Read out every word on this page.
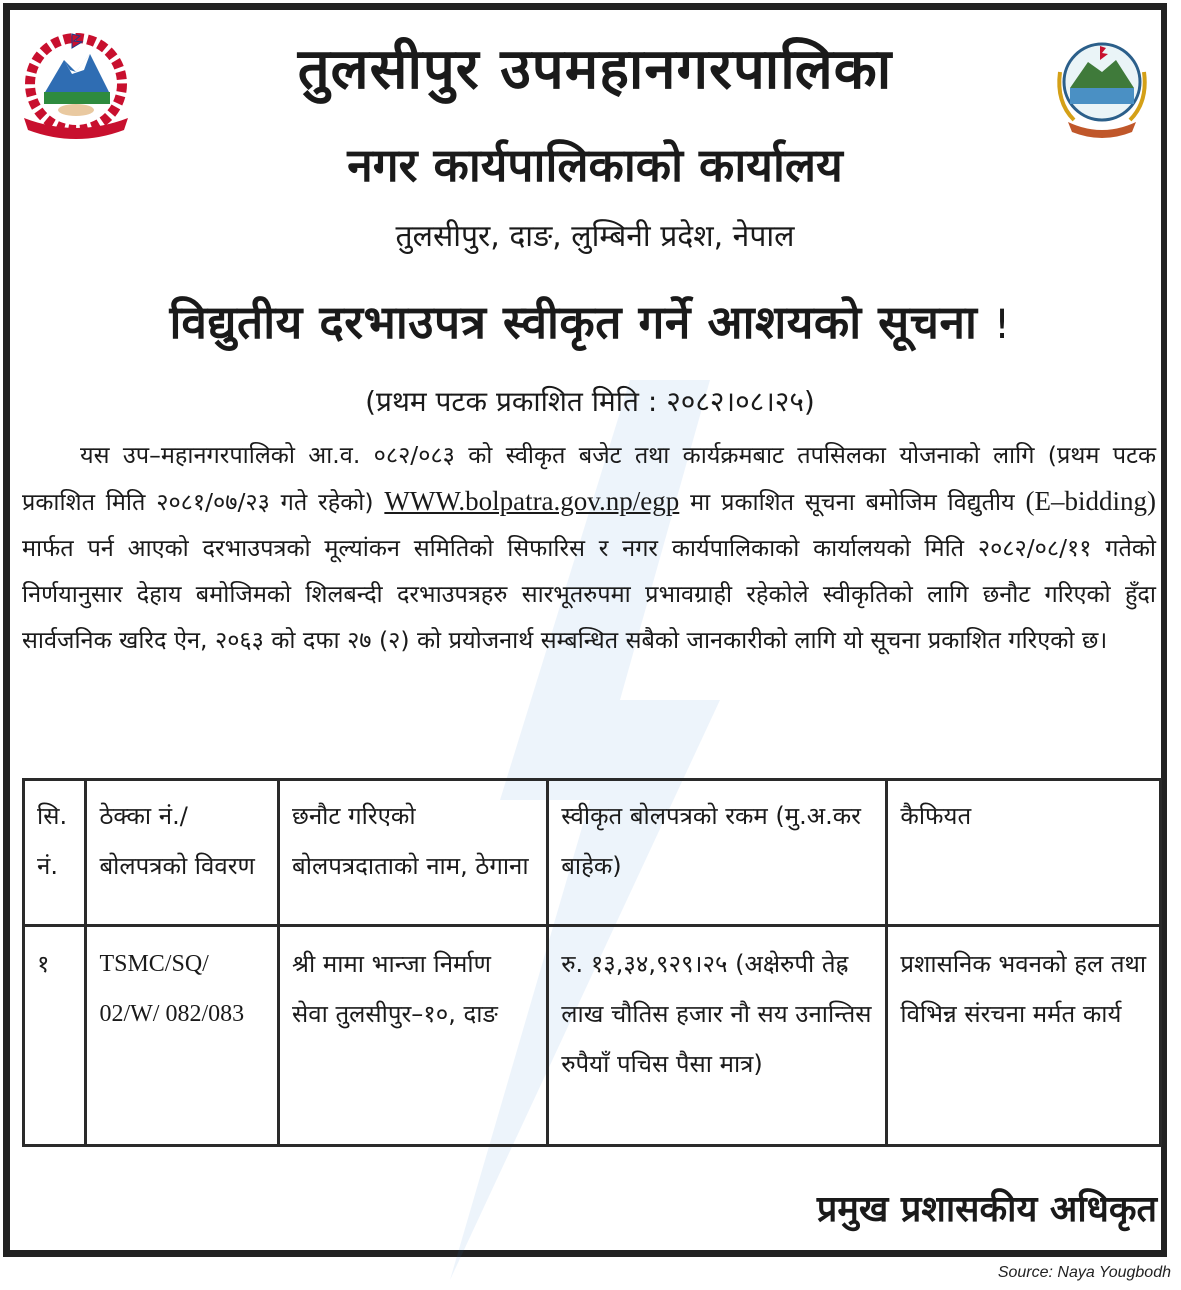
तुलसीपुर उपमहानगरपालिका
नगर कार्यपालिकाको कार्यालय
तुलसीपुर, दाङ, लुम्बिनी प्रदेश, नेपाल
विद्युतीय दरभाउपत्र स्वीकृत गर्ने आशयको सूचना !
(प्रथम पटक प्रकाशित मिति : २०८२।०८।२५)
यस उप–महानगरपालिको आ.व. ०८२/०८३ को स्वीकृत बजेट तथा कार्यक्रमबाट तपसिलका योजनाको लागि (प्रथम पटक प्रकाशित मिति २०८१/०७/२३ गते रहेको) WWW.bolpatra.gov.np/egp मा प्रकाशित सूचना बमोजिम विद्युतीय (E–bidding) मार्फत पर्न आएको दरभाउपत्रको मूल्यांकन समितिको सिफारिस र नगर कार्यपालिकाको कार्यालयको मिति २०८२/०८/११ गतेको निर्णयानुसार देहाय बमोजिमको शिलबन्दी दरभाउपत्रहरु सारभूतरुपमा प्रभावग्राही रहेकोले स्वीकृतिको लागि छनौट गरिएको हुँदा सार्वजनिक खरिद ऐन, २०६३ को दफा २७ (२) को प्रयोजनार्थ सम्बन्धित सबैको जानकारीको लागि यो सूचना प्रकाशित गरिएको छ।
सि. नं.	ठेक्का नं./ बोलपत्रको विवरण	छनौट गरिएको बोलपत्रदाताको नाम, ठेगाना	स्वीकृत बोलपत्रको रकम (मु.अ.कर बाहेक)	कैफियत
१	TSMC/SQ/ 02/W/ 082/083	श्री मामा भान्जा निर्माण सेवा तुलसीपुर–१०, दाङ	रु. १३,३४,९२९।२५ (अक्षेरुपी तेह्र लाख चौतिस हजार नौ सय उनान्तिस रुपैयाँ पचिस पैसा मात्र)	प्रशासनिक भवनको हल तथा विभिन्न संरचना मर्मत कार्य
प्रमुख प्रशासकीय अधिकृत
Source: Naya Yougbodh
